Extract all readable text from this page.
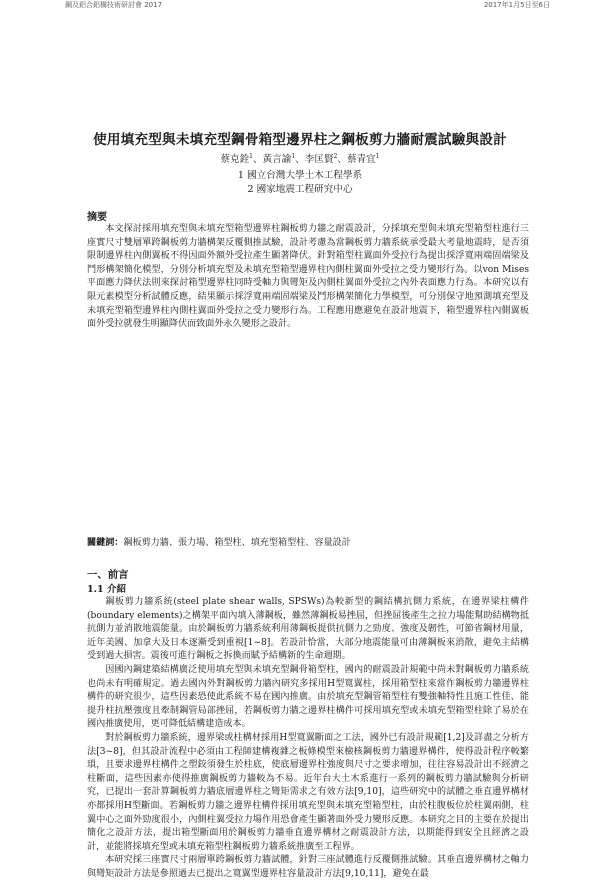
鋼及鋁合鋁構技術研討會 2017	2017年1月5日至6日
使用填充型與未填充型鋼骨箱型邊界柱之鋼板剪力牆耐震試驗與設計
蔡克銓$^1$、黃言諭$^1$、李匡賢$^2$、蔡青宜$^1$
1 國立台灣大學土木工程學系
2 國家地震工程研究中心
摘要

本文探討採用填充型與未填充型箱型邊界柱鋼板剪力牆之耐震設計，分採填充型與未填充型箱型柱進行三座實尺寸雙層單跨鋼板剪力牆構架反覆側推試驗，設計考慮為當鋼板剪力牆系統承受最大考量地震時，是否須限制邊界柱內側翼板不得因面外額外受拉產生顯著降伏。針對箱型柱翼面外受拉行為提出採浮寬兩端固端梁及鬥形構架簡化模型，分別分析填充型及未填充型箱型邊界柱內側柱翼面外受拉之受力變形行為。以von Mises平面應力降伏法則來探討箱型邊界柱同時受軸力與彎矩及內側柱翼面外受拉之內外表面應力行為。本研究以有限元素模型分析試體反應，結果顯示採浮寬兩端固端梁及鬥形構架簡化力學模型，可分別保守地預測填充型及未填充型箱型邊界柱內側柱翼面外受拉之受力變形行為。工程應用應避免在設計地震下，箱型邊界柱內側翼板面外受拉就發生明顯降伏而致面外永久變形之設計。

關鍵詞：鋼板剪力牆、張力場、箱型柱、填充型箱型柱、容量設計
一、前言
1.1 介紹

鋼板剪力牆系統(steel plate shear walls, SPSWs)為較新型的鋼結構抗側力系統，在邊界梁柱構件(boundary elements)之構架平面內填入薄鋼板，雖然薄鋼板易挫屈，但挫屈後產生之拉力場能幫助結構物抵抗側力並消散地震能量。由於鋼板剪力牆系統利用薄鋼板提供抗側力之勁度、強度及韌性，可節省鋼材用量，近年美國、加拿大及日本逐漸受到重視[1~8]。若設計恰當，大部分地震能量可由薄鋼板來消散，避免主結構受到過大損害。震後可進行鋼板之拆換而賦予結構新的生命週期。

因國內鋼建築結構廣泛使用填充型與未填充型鋼骨箱型柱，國內的耐震設計規範中尚未對鋼板剪力牆系統也尚未有明確規定。過去國內外對鋼板剪力牆內研究多採用H型寬翼柱，採用箱型柱來當作鋼板剪力牆邊界柱構件的研究很少，這些因素恐使此系統不易在國內推廣。由於填充型鋼管箱型柱有雙強軸特性且施工性佳、能提升柱抗壓強度且牽制鋼管局部挫屈，若鋼板剪力牆之邊界柱構件可採用填充型或未填充型箱型柱除了易於在國內推廣使用，更可降低結構建造成本。

對於鋼板剪力牆系統，邊界梁或柱構材採用H型寬翼斷面之工法，國外已有設計規範[1,2]及詳盡之分析方法[3~8]，但其設計流程中必須由工程師建構複雜之板條模型來檢核鋼板剪力牆邊界構件，使得設計程序較繁瑣，且要求邊界柱構件之塑鉸須發生於柱底，使底層邊界柱強度與尺寸之要求增加，往往容易設計出不經濟之柱斷面，這些因素亦使得推廣鋼板剪力牆較為不易。近年台大土木系進行一系列的鋼板剪力牆試驗與分析研究，已提出一套計算鋼板剪力牆底層邊界柱之彎矩需求之有效方法[9,10]，這些研究中的試體之垂直邊界構材亦都採用H型斷面。若鋼板剪力牆之邊界柱構件採用填充型與未填充型箱型柱，由於柱腹板位於柱翼兩側，柱翼中心之面外勁度很小，內側柱翼受拉力場作用恐會產生顯著面外受力變形反應。本研究之目的主要在於提出簡化之設計方法，提出箱型斷面用於鋼板剪力牆垂直邊界構材之耐震設計方法，以期能得到安全且經濟之設計，並能將採填充型或未填充箱型柱鋼板剪力牆系統推廣至工程界。

本研究採三座實尺寸兩層單跨鋼板剪力牆試體，針對三座試體進行反覆側推試驗。其垂直邊界構材之軸力與彎矩設計方法是參照過去已提出之寬翼型邊界柱容量設計方法[9,10,11]，避免在最
